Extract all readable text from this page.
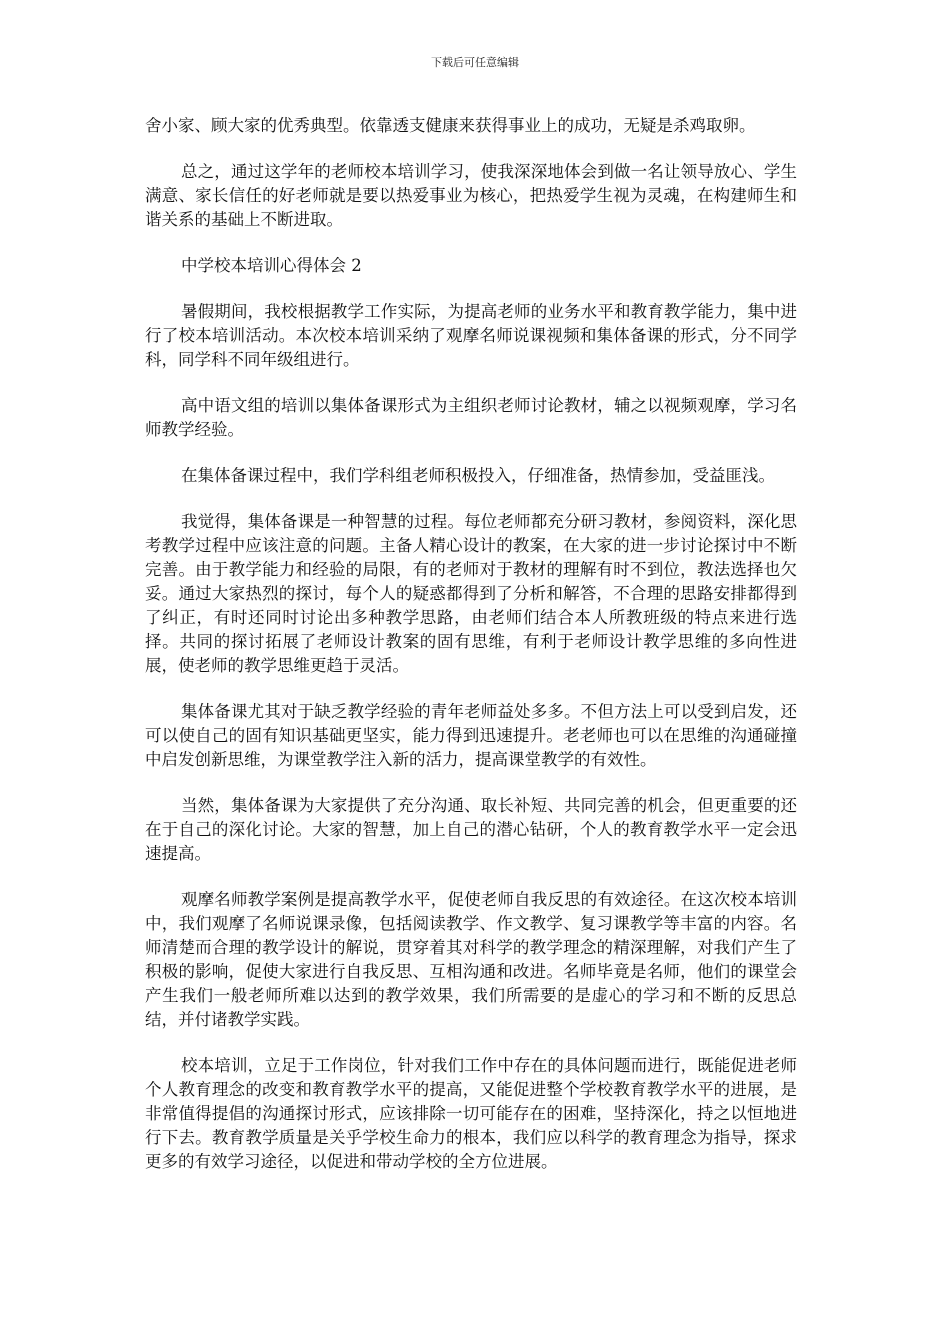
下载后可任意编辑

舍小家、顾大家的优秀典型。依靠透支健康来获得事业上的成功，无疑是杀鸡取卵。

总之，通过这学年的老师校本培训学习，使我深深地体会到做一名让领导放心、学生满意、家长信任的好老师就是要以热爱事业为核心，把热爱学生视为灵魂，在构建师生和谐关系的基础上不断进取。

中学校本培训心得体会 2

暑假期间，我校根据教学工作实际，为提高老师的业务水平和教育教学能力，集中进行了校本培训活动。本次校本培训采纳了观摩名师说课视频和集体备课的形式，分不同学科，同学科不同年级组进行。

高中语文组的培训以集体备课形式为主组织老师讨论教材，辅之以视频观摩，学习名师教学经验。

在集体备课过程中，我们学科组老师积极投入，仔细准备，热情参加，受益匪浅。

我觉得，集体备课是一种智慧的过程。每位老师都充分研习教材，参阅资料，深化思考教学过程中应该注意的问题。主备人精心设计的教案，在大家的进一步讨论探讨中不断完善。由于教学能力和经验的局限，有的老师对于教材的理解有时不到位，教法选择也欠妥。通过大家热烈的探讨，每个人的疑惑都得到了分析和解答，不合理的思路安排都得到了纠正，有时还同时讨论出多种教学思路，由老师们结合本人所教班级的特点来进行选择。共同的探讨拓展了老师设计教案的固有思维，有利于老师设计教学思维的多向性进展，使老师的教学思维更趋于灵活。

集体备课尤其对于缺乏教学经验的青年老师益处多多。不但方法上可以受到启发，还可以使自己的固有知识基础更坚实，能力得到迅速提升。老老师也可以在思维的沟通碰撞中启发创新思维，为课堂教学注入新的活力，提高课堂教学的有效性。

当然，集体备课为大家提供了充分沟通、取长补短、共同完善的机会，但更重要的还在于自己的深化讨论。大家的智慧，加上自己的潜心钻研，个人的教育教学水平一定会迅速提高。

观摩名师教学案例是提高教学水平，促使老师自我反思的有效途径。在这次校本培训中，我们观摩了名师说课录像，包括阅读教学、作文教学、复习课教学等丰富的内容。名师清楚而合理的教学设计的解说，贯穿着其对科学的教学理念的精深理解，对我们产生了积极的影响，促使大家进行自我反思、互相沟通和改进。名师毕竟是名师，他们的课堂会产生我们一般老师所难以达到的教学效果，我们所需要的是虚心的学习和不断的反思总结，并付诸教学实践。

校本培训，立足于工作岗位，针对我们工作中存在的具体问题而进行，既能促进老师个人教育理念的改变和教育教学水平的提高，又能促进整个学校教育教学水平的进展，是非常值得提倡的沟通探讨形式，应该排除一切可能存在的困难，坚持深化，持之以恒地进行下去。教育教学质量是关乎学校生命力的根本，我们应以科学的教育理念为指导，探求更多的有效学习途径，以促进和带动学校的全方位进展。
